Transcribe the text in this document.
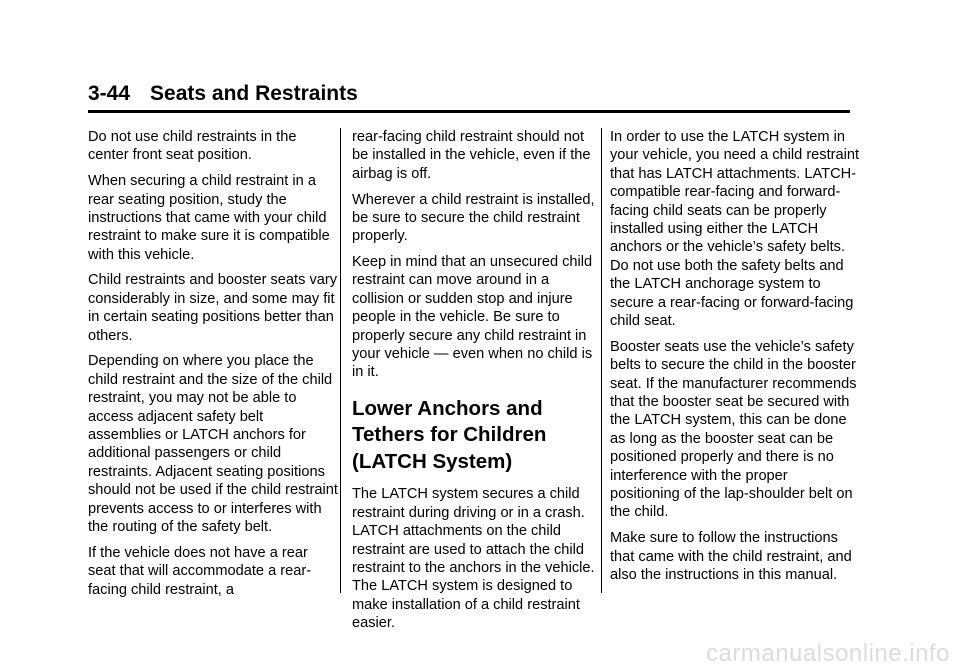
3-44 Seats and Restraints

Do not use child restraints in the center front seat position.

When securing a child restraint in a rear seating position, study the instructions that came with your child restraint to make sure it is compatible with this vehicle.

Child restraints and booster seats vary considerably in size, and some may fit in certain seating positions better than others.

Depending on where you place the child restraint and the size of the child restraint, you may not be able to access adjacent safety belt assemblies or LATCH anchors for additional passengers or child restraints. Adjacent seating positions should not be used if the child restraint prevents access to or interferes with the routing of the safety belt.

If the vehicle does not have a rear seat that will accommodate a rear-facing child restraint, a

rear-facing child restraint should not be installed in the vehicle, even if the airbag is off.

Wherever a child restraint is installed, be sure to secure the child restraint properly.

Keep in mind that an unsecured child restraint can move around in a collision or sudden stop and injure people in the vehicle. Be sure to properly secure any child restraint in your vehicle — even when no child is in it.

Lower Anchors and Tethers for Children (LATCH System)

The LATCH system secures a child restraint during driving or in a crash. LATCH attachments on the child restraint are used to attach the child restraint to the anchors in the vehicle. The LATCH system is designed to make installation of a child restraint easier.

In order to use the LATCH system in your vehicle, you need a child restraint that has LATCH attachments. LATCH-compatible rear-facing and forward-facing child seats can be properly installed using either the LATCH anchors or the vehicle’s safety belts. Do not use both the safety belts and the LATCH anchorage system to secure a rear-facing or forward-facing child seat.

Booster seats use the vehicle’s safety belts to secure the child in the booster seat. If the manufacturer recommends that the booster seat be secured with the LATCH system, this can be done as long as the booster seat can be positioned properly and there is no interference with the proper positioning of the lap-shoulder belt on the child.

Make sure to follow the instructions that came with the child restraint, and also the instructions in this manual.

carmanualsonline.info
